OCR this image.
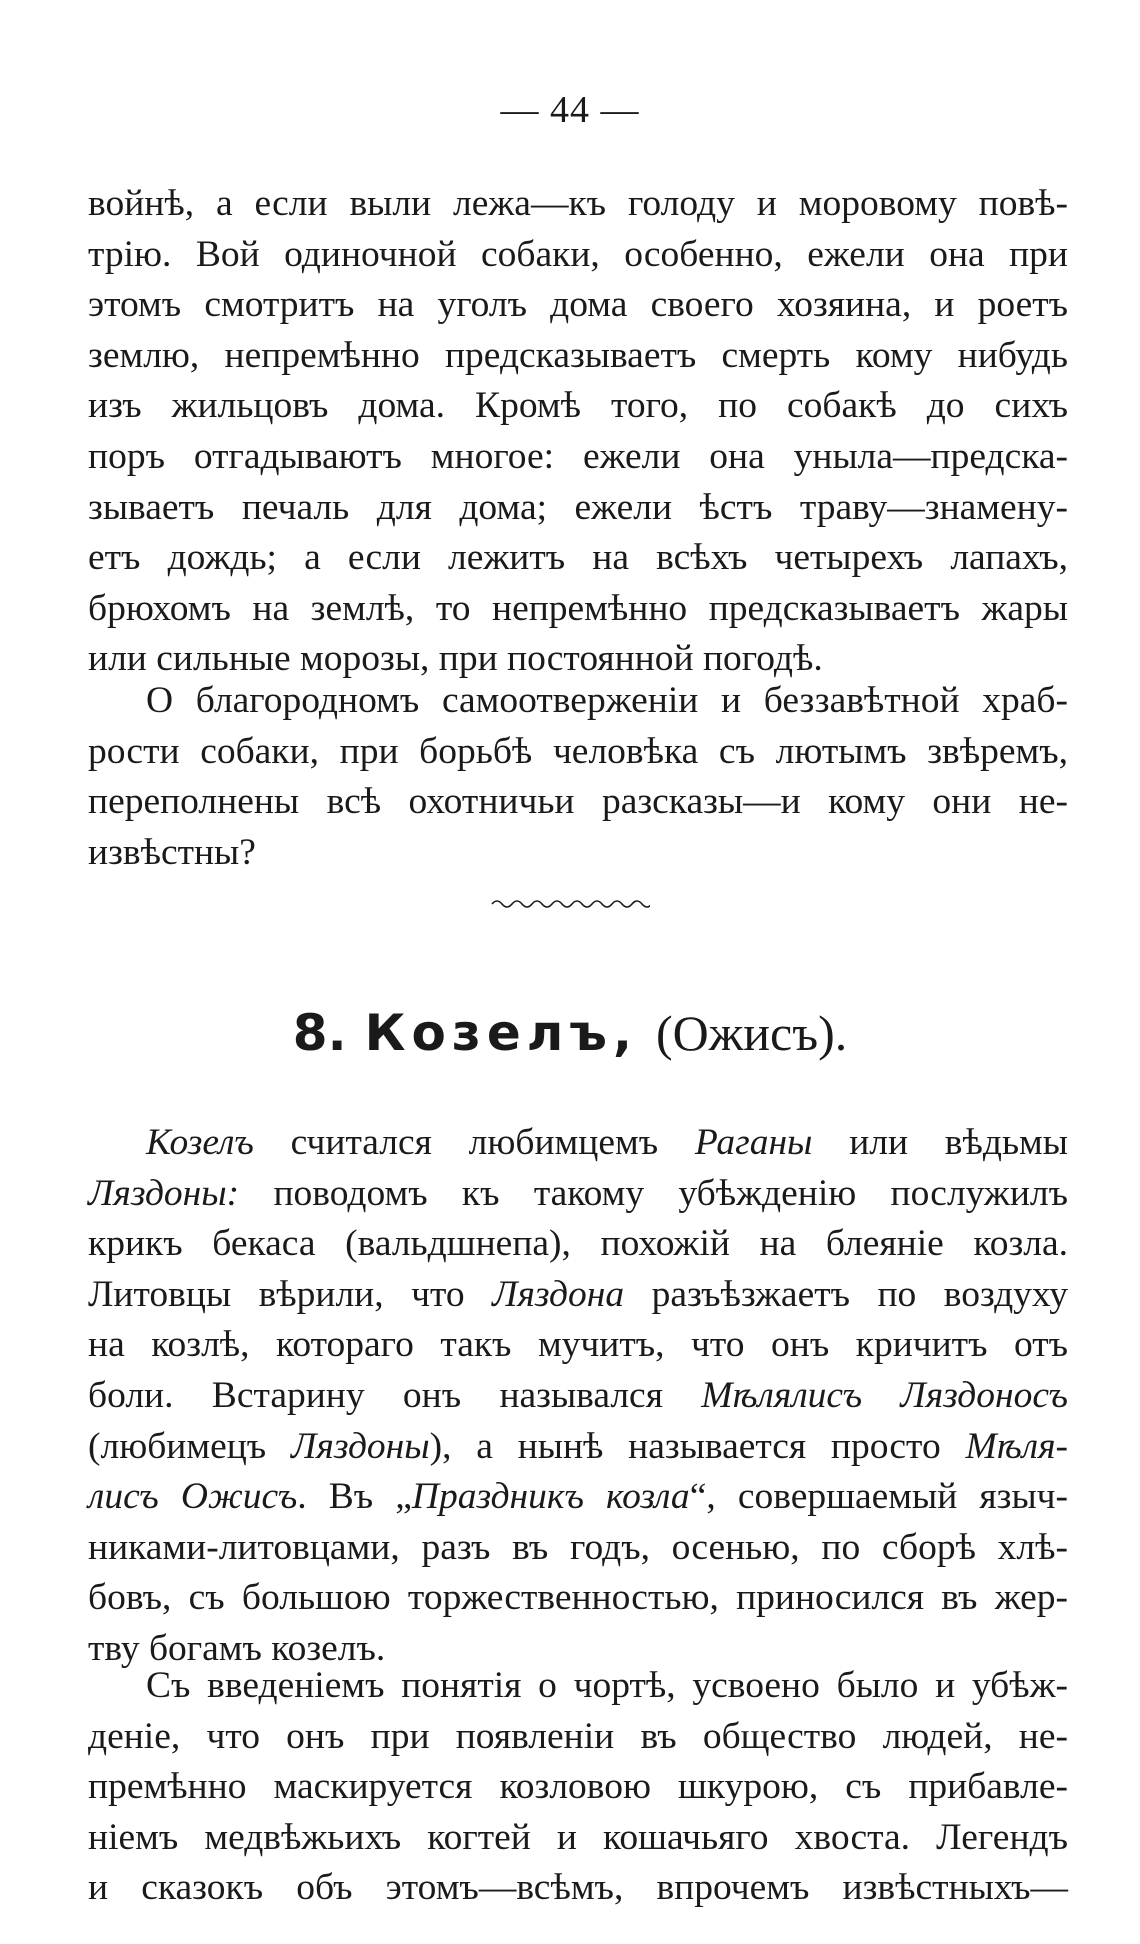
— 44 —
войнѣ, а если выли лежа—къ голоду и моровому повѣ-
трію. Вой одиночной собаки, особенно, ежели она при
этомъ смотритъ на уголъ дома своего хозяина, и роетъ
землю, непремѣнно предсказываетъ смерть кому нибудь
изъ жильцовъ дома. Кромѣ того, по собакѣ до сихъ
поръ отгадываютъ многое: ежели она уныла—предска-
зываетъ печаль для дома; ежели ѣстъ траву—знамену-
етъ дождь; а если лежитъ на всѣхъ четырехъ лапахъ,
брюхомъ на землѣ, то непремѣнно предсказываетъ жары
или сильные морозы, при постоянной погодѣ.
О благородномъ самоотверженіи и беззавѣтной храб-
рости собаки, при борьбѣ человѣка съ лютымъ звѣремъ,
переполнены всѣ охотничьи разсказы—и кому они не-
извѣстны?
8. Козелъ, (Ожисъ).
Козелъ считался любимцемъ Раганы или вѣдьмы
Ляздоны: поводомъ къ такому убѣжденію послужилъ
крикъ бекаса (вальдшнепа), похожій на блеяніе козла.
Литовцы вѣрили, что Ляздона разъѣзжаетъ по воздуху
на козлѣ, котораго такъ мучитъ, что онъ кричитъ отъ
боли. Встарину онъ назывался Мѣлялисъ Ляздоносъ
(любимецъ Ляздоны), а нынѣ называется просто Мѣля-
лисъ Ожисъ. Въ „Праздникъ козла“, совершаемый языч-
никами-литовцами, разъ въ годъ, осенью, по сборѣ хлѣ-
бовъ, съ большою торжественностью, приносился въ жер-
тву богамъ козелъ.
Съ введеніемъ понятія о чортѣ, усвоено было и убѣж-
деніе, что онъ при появленіи въ общество людей, не-
премѣнно маскируется козловою шкурою, съ прибавле-
ніемъ медвѣжьихъ когтей и кошачьяго хвоста. Легендъ
и сказокъ объ этомъ—всѣмъ, впрочемъ извѣстныхъ—
